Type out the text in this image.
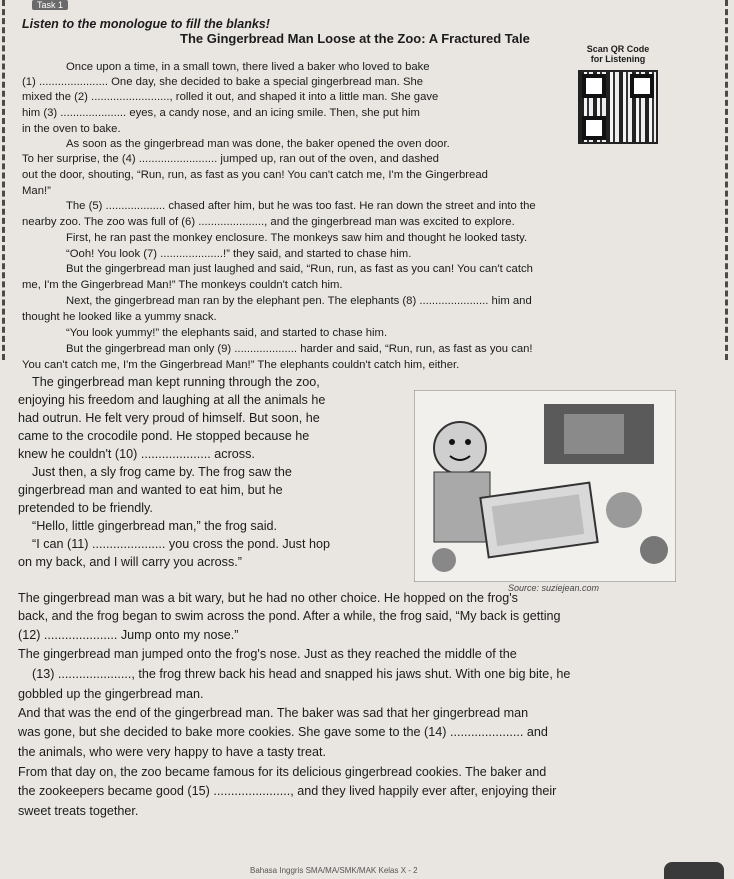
Task 1
Listen to the monologue to fill the blanks!
The Gingerbread Man Loose at the Zoo: A Fractured Tale
Scan QR Code
for Listening
Once upon a time, in a small town, there lived a baker who loved to bake
(1) ...................... One day, she decided to bake a special gingerbread man. She
mixed the (2) ........................., rolled it out, and shaped it into a little man. She gave
him (3) ..................... eyes, a candy nose, and an icing smile. Then, she put him
in the oven to bake.
As soon as the gingerbread man was done, the baker opened the oven door.
To her surprise, the (4) ......................... jumped up, ran out of the oven, and dashed
out the door, shouting, “Run, run, as fast as you can! You can't catch me, I'm the Gingerbread
Man!”
The (5) ................... chased after him, but he was too fast. He ran down the street and into the
nearby zoo. The zoo was full of (6) ....................., and the gingerbread man was excited to explore.
First, he ran past the monkey enclosure. The monkeys saw him and thought he looked tasty.
“Ooh! You look (7) ....................!” they said, and started to chase him.
But the gingerbread man just laughed and said, “Run, run, as fast as you can! You can't catch
me, I'm the Gingerbread Man!” The monkeys couldn't catch him.
Next, the gingerbread man ran by the elephant pen. The elephants (8) ...................... him and
thought he looked like a yummy snack.
“You look yummy!” the elephants said, and started to chase him.
But the gingerbread man only (9) .................... harder and said, “Run, run, as fast as you can!
You can't catch me, I'm the Gingerbread Man!” The elephants couldn't catch him, either.
The gingerbread man kept running through the zoo,
enjoying his freedom and laughing at all the animals he
had outrun. He felt very proud of himself. But soon, he
came to the crocodile pond. He stopped because he
knew he couldn't (10) .................... across.
Just then, a sly frog came by. The frog saw the
gingerbread man and wanted to eat him, but he
pretended to be friendly.
“Hello, little gingerbread man,” the frog said.
“I can (11) ..................... you cross the pond. Just hop
on my back, and I will carry you across.”
Source: suziejean.com
The gingerbread man was a bit wary, but he had no other choice. He hopped on the frog's
back, and the frog began to swim across the pond. After a while, the frog said, “My back is getting
(12) ..................... Jump onto my nose.”
The gingerbread man jumped onto the frog's nose. Just as they reached the middle of the
(13) ....................., the frog threw back his head and snapped his jaws shut. With one big bite, he
gobbled up the gingerbread man.
And that was the end of the gingerbread man. The baker was sad that her gingerbread man
was gone, but she decided to bake more cookies. She gave some to the (14) ..................... and
the animals, who were very happy to have a tasty treat.
From that day on, the zoo became famous for its delicious gingerbread cookies. The baker and
the zookeepers became good (15) ......................, and they lived happily ever after, enjoying their
sweet treats together.
Bahasa Inggris SMA/MA/SMK/MAK Kelas X - 2
